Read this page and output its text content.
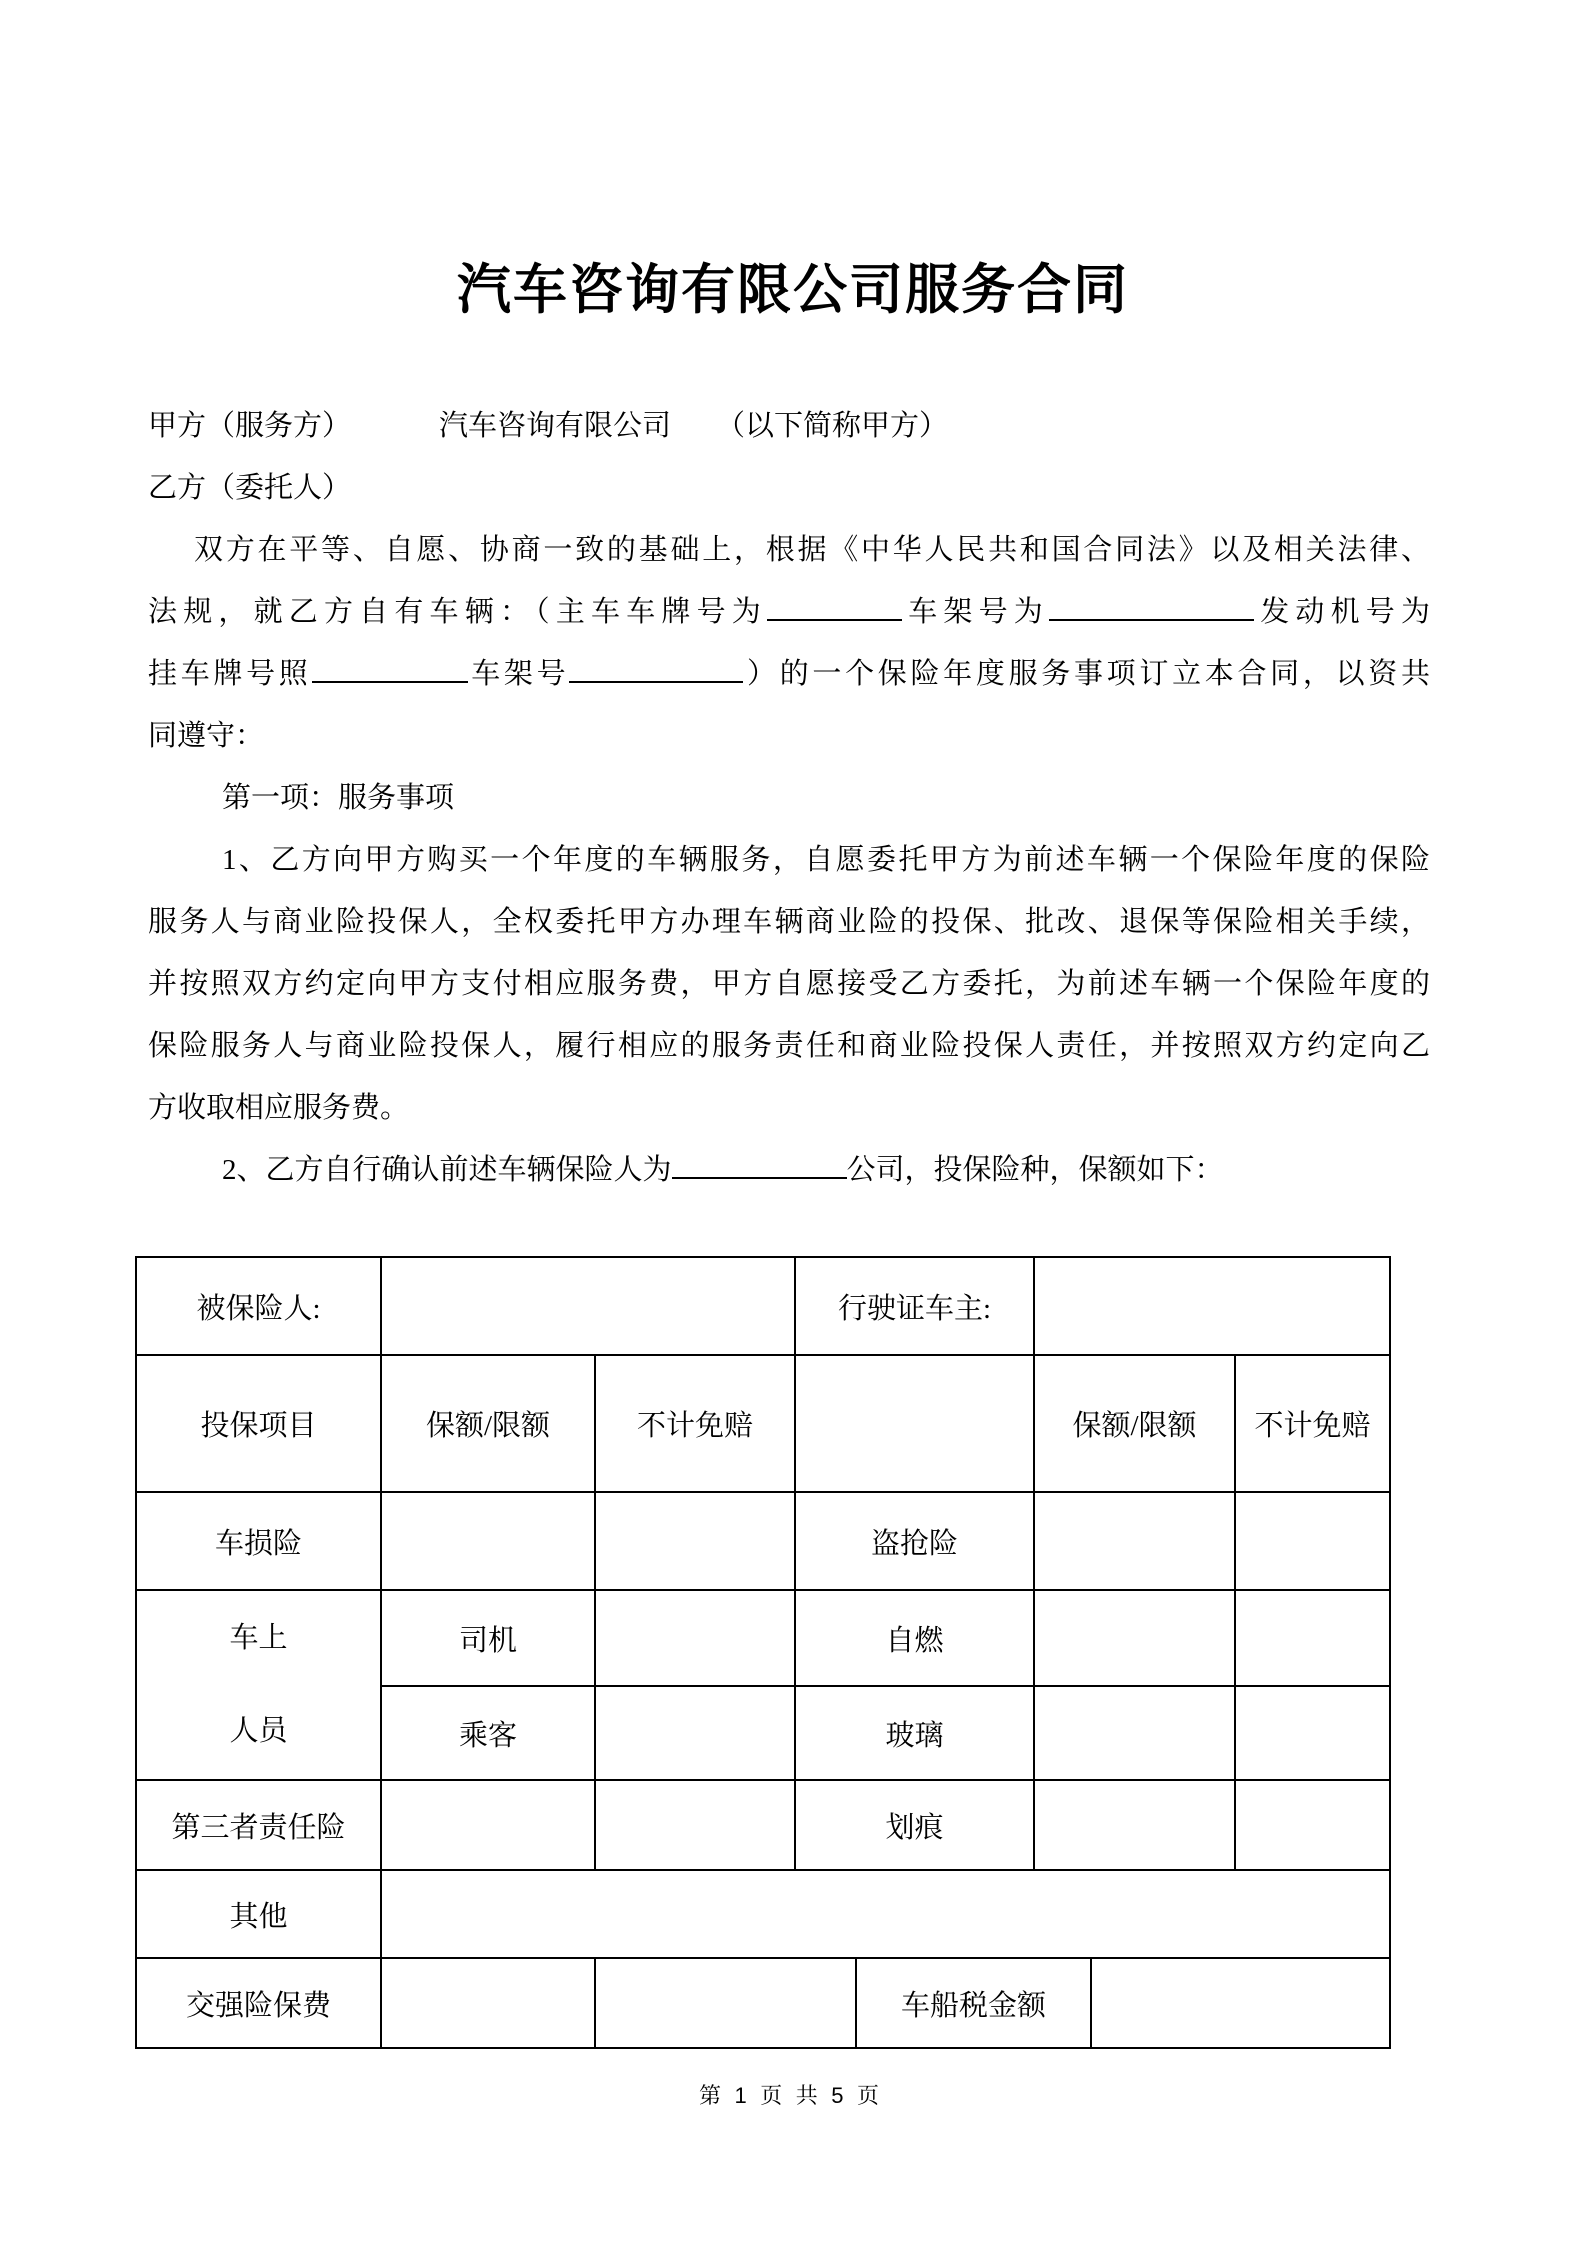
汽车咨询有限公司服务合同
甲方（服务方）	汽车咨询有限公司 （以下简称甲方）
乙方（委托人）
双方在平等、自愿、协商一致的基础上，根据《中华人民共和国合同法》以及相关法律、
法规，就乙方自有车辆：（主车车牌号为	车架号为	发动机号为
挂车牌号照	车架号	）的一个保险年度服务事项订立本合同，以资共
同遵守：
第一项：服务事项
1、乙方向甲方购买一个年度的车辆服务，自愿委托甲方为前述车辆一个保险年度的保险
服务人与商业险投保人，全权委托甲方办理车辆商业险的投保、批改、退保等保险相关手续，
并按照双方约定向甲方支付相应服务费，甲方自愿接受乙方委托，为前述车辆一个保险年度的
保险服务人与商业险投保人，履行相应的服务责任和商业险投保人责任，并按照双方约定向乙
方收取相应服务费。
2、乙方自行确认前述车辆保险人为	公司，投保险种，保额如下：
被保险人:			行驶证车主:				
投保项目	保额/限额	不计免赔			保额/限额		不计免赔
车损险			盗抢险				

车上
人员	司机		自燃				
	乘客		玻璃				
第三者责任险			划痕				
其他							
交强险保费				车船税金额			
第 1 页 共 5 页
